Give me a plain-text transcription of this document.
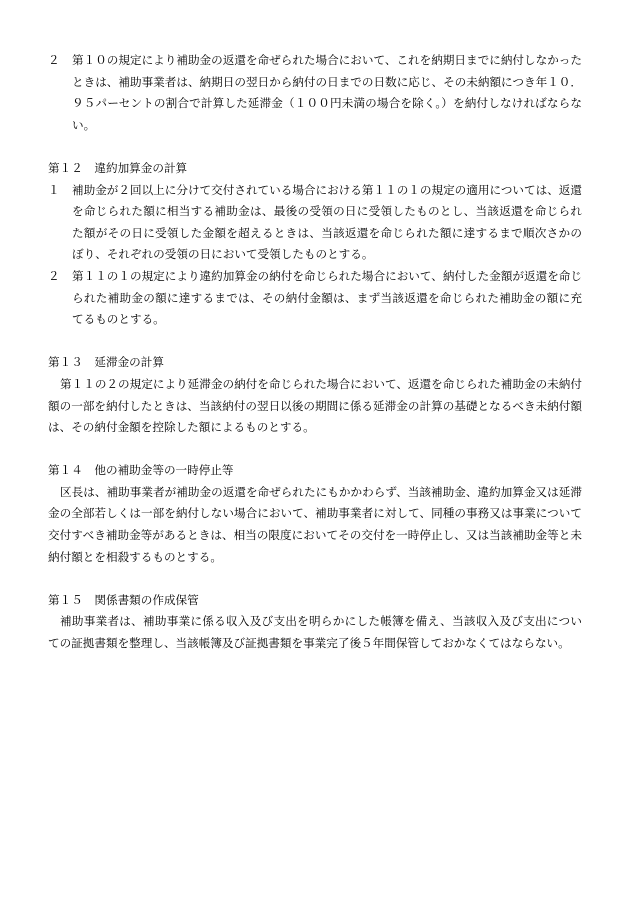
２	第１０の規定により補助金の返還を命ぜられた場合において、これを納期日までに納付しなかったときは、補助事業者は、納期日の翌日から納付の日までの日数に応じ、その未納額につき年１０．９５パーセントの割合で計算した延滞金（１００円未満の場合を除く。）を納付しなければならない。
第１２　違約加算金の計算
１	補助金が２回以上に分けて交付されている場合における第１１の１の規定の適用については、返還を命じられた額に相当する補助金は、最後の受領の日に受領したものとし、当該返還を命じられた額がその日に受領した金額を超えるときは、当該返還を命じられた額に達するまで順次さかのぼり、それぞれの受領の日において受領したものとする。
２	第１１の１の規定により違約加算金の納付を命じられた場合において、納付した金額が返還を命じられた補助金の額に達するまでは、その納付金額は、まず当該返還を命じられた補助金の額に充てるものとする。
第１３　延滞金の計算
第１１の２の規定により延滞金の納付を命じられた場合において、返還を命じられた補助金の未納付額の一部を納付したときは、当該納付の翌日以後の期間に係る延滞金の計算の基礎となるべき未納付額は、その納付金額を控除した額によるものとする。
第１４　他の補助金等の一時停止等
区長は、補助事業者が補助金の返還を命ぜられたにもかかわらず、当該補助金、違約加算金又は延滞金の全部若しくは一部を納付しない場合において、補助事業者に対して、同種の事務又は事業について交付すべき補助金等があるときは、相当の限度においてその交付を一時停止し、又は当該補助金等と未納付額とを相殺するものとする。
第１５　関係書類の作成保管
補助事業者は、補助事業に係る収入及び支出を明らかにした帳簿を備え、当該収入及び支出についての証拠書類を整理し、当該帳簿及び証拠書類を事業完了後５年間保管しておかなくてはならない。
